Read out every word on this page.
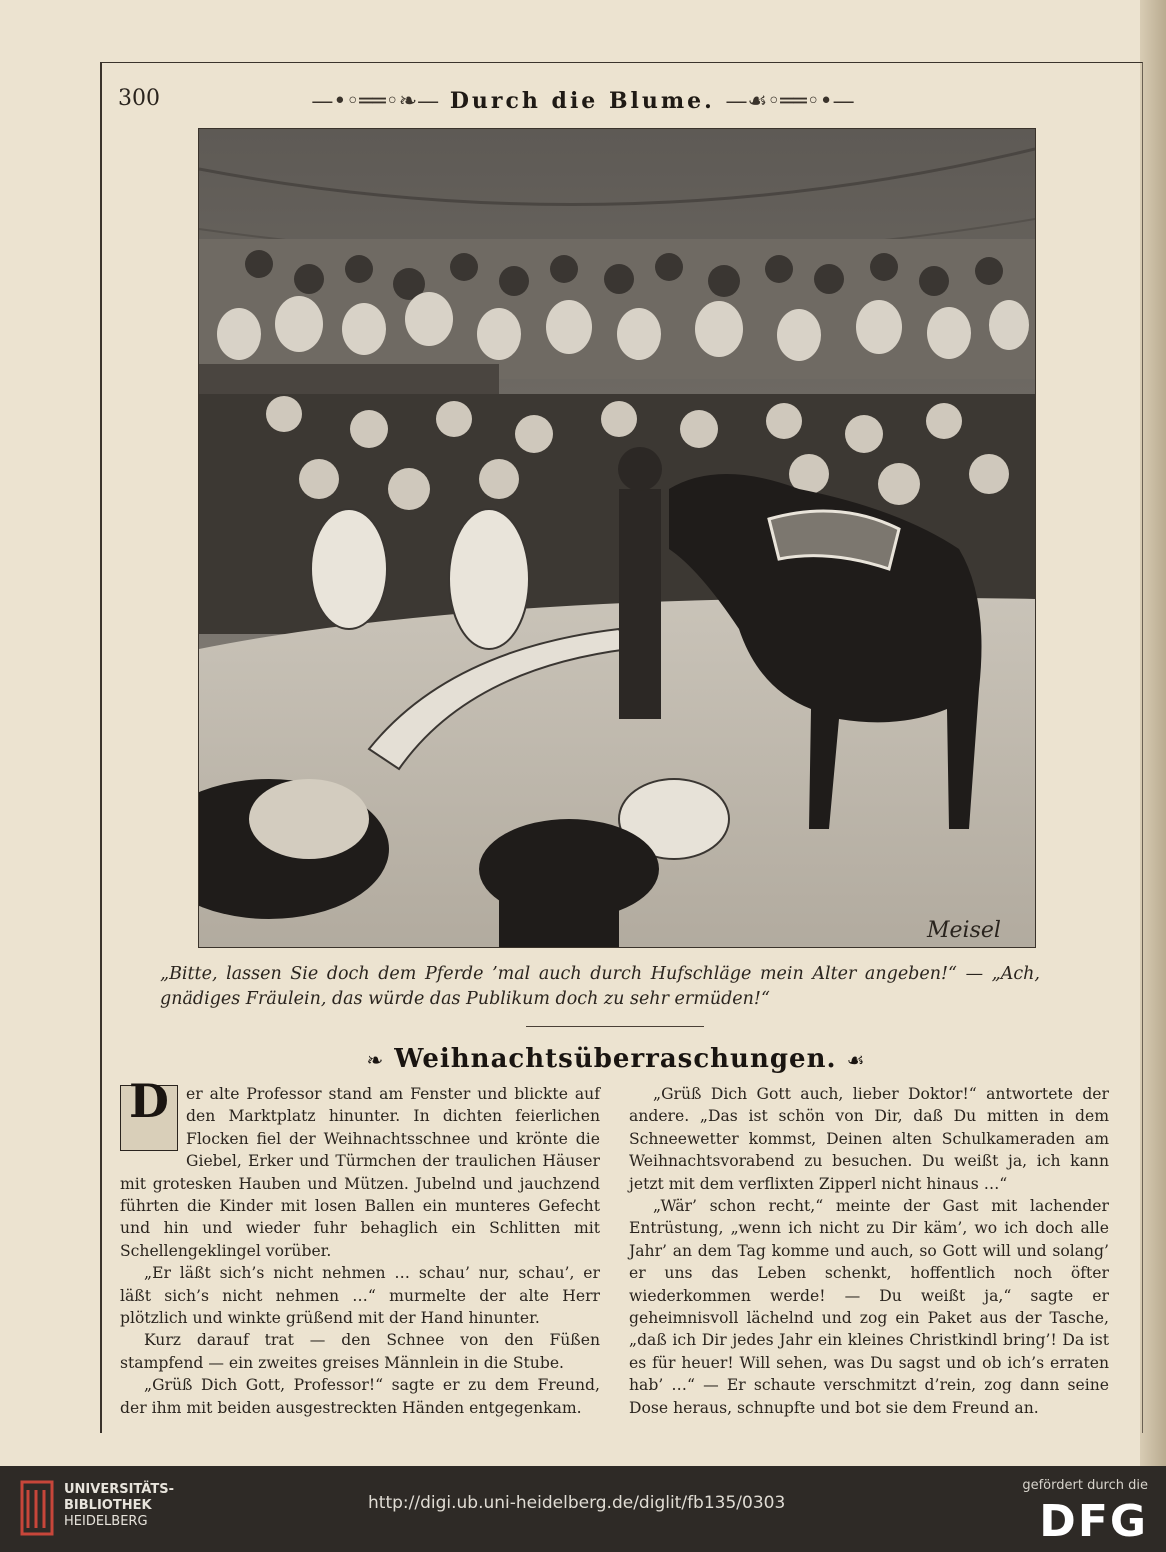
300	—•◦══◦❧— Durch die Blume. —☙◦══◦•—
Meisel
„Bitte, lassen Sie doch dem Pferde ’mal auch durch Hufschläge mein Alter angeben!“ — „Ach, gnädiges Fräulein, das würde das Publikum doch zu sehr ermüden!“
❧ Weihnachtsüberraschungen. ☙

D	er alte Professor stand am Fenster und blickte auf den Marktplatz hinunter. In dichten feierlichen Flocken fiel der Weihnachtsschnee und krönte die Giebel, Erker und Türmchen der traulichen Häuser mit grotesken Hauben und Mützen. Jubelnd und jauchzend führten die Kinder mit losen Ballen ein munteres Gefecht und hin und wieder fuhr behaglich ein Schlitten mit Schellengeklingel vorüber.

„Er läßt sich’s nicht nehmen … schau’ nur, schau’, er läßt sich’s nicht nehmen …“ murmelte der alte Herr plötzlich und winkte grüßend mit der Hand hinunter.

Kurz darauf trat — den Schnee von den Füßen stampfend — ein zweites greises Männlein in die Stube.

„Grüß Dich Gott, Professor!“ sagte er zu dem Freund, der ihm mit beiden ausgestreckten Händen entgegenkam.

„Grüß Dich Gott auch, lieber Doktor!“ antwortete der andere. „Das ist schön von Dir, daß Du mitten in dem Schneewetter kommst, Deinen alten Schulkameraden am Weihnachtsvorabend zu besuchen. Du weißt ja, ich kann jetzt mit dem verflixten Zipperl nicht hinaus …“

„Wär’ schon recht,“ meinte der Gast mit lachender Entrüstung, „wenn ich nicht zu Dir käm’, wo ich doch alle Jahr’ an dem Tag komme und auch, so Gott will und solang’ er uns das Leben schenkt, hoffentlich noch öfter wiederkommen werde! — Du weißt ja,“ sagte er geheimnisvoll lächelnd und zog ein Paket aus der Tasche, „daß ich Dir jedes Jahr ein kleines Christkindl bring’! Da ist es für heuer! Will sehen, was Du sagst und ob ich’s erraten hab’ …“ — Er schaute verschmitzt d’rein, zog dann seine Dose heraus, schnupfte und bot sie dem Freund an.

UNIVERSITÄTS-
BIBLIOTHEK
HEIDELBERG
http://digi.ub.uni-heidelberg.de/diglit/fb135/0303
gefördert durch die
DFG
